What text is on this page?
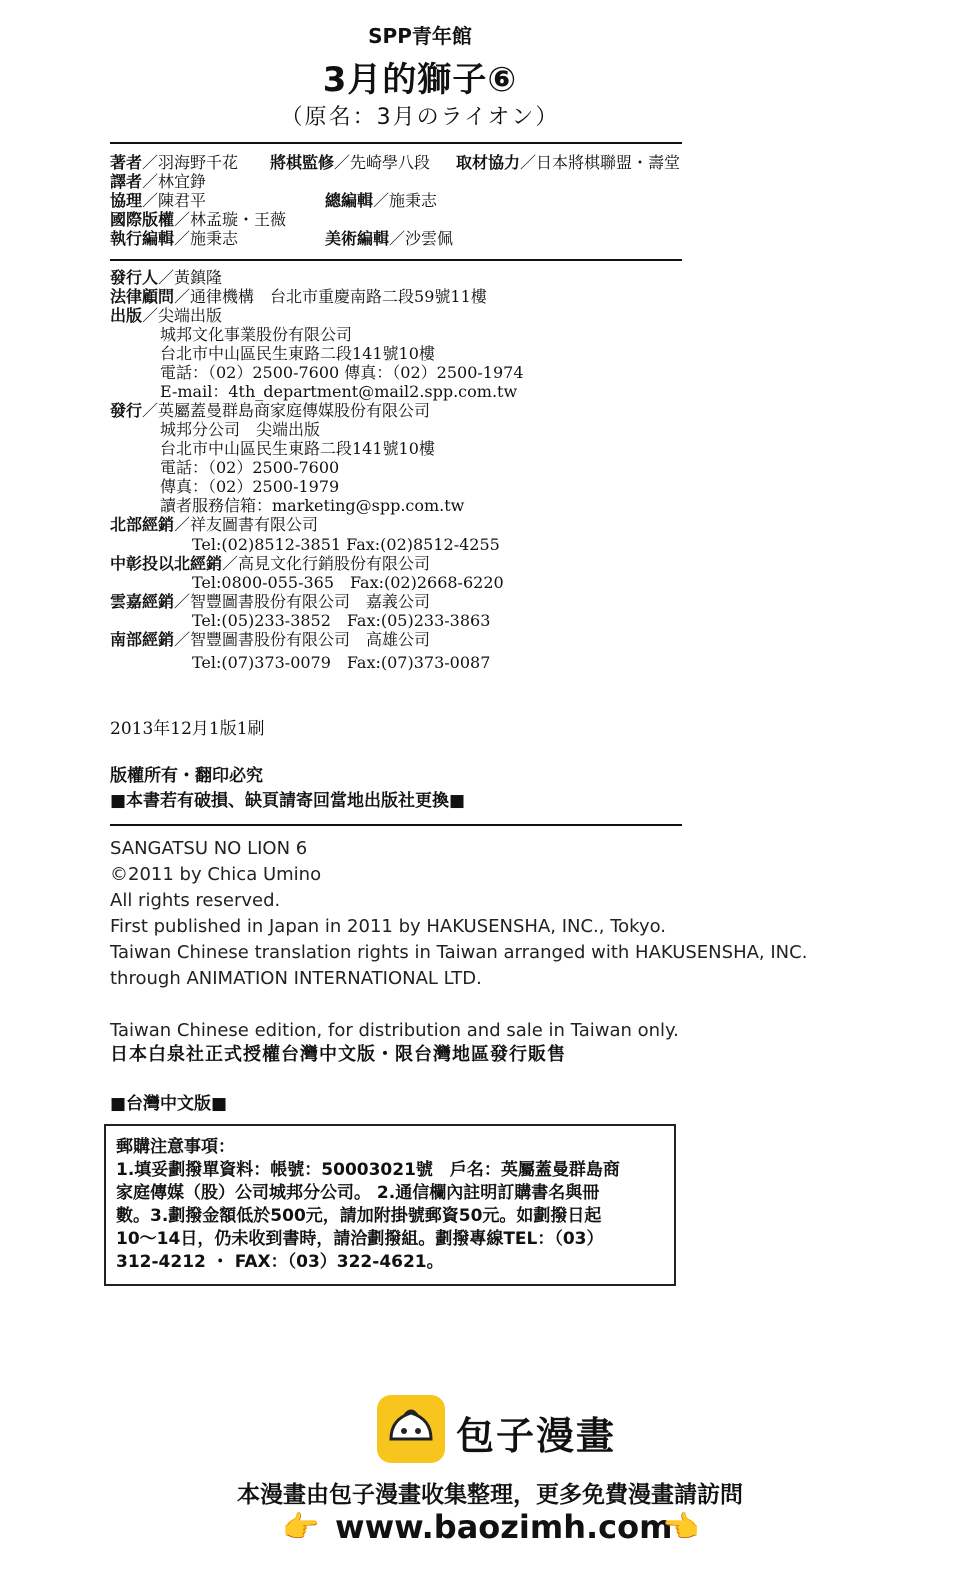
SPP青年館
3月的獅子⑥
（原名：3月のライオン）
著者／羽海野千花 將棋監修／先崎學八段 取材協力／日本將棋聯盟・壽堂
譯者／林宜錚
協理／陳君平	總編輯／施秉志
國際版權／林孟璇・王薇
執行編輯／施秉志	美術編輯／沙雲佩
發行人／黃鎮隆
法律顧問／通律機構　台北市重慶南路二段59號11樓
出版／尖端出版
城邦文化事業股份有限公司
台北市中山區民生東路二段141號10樓
電話：（02）2500-7600 傳真：（02）2500-1974
E-mail：4th_department@mail2.spp.com.tw
發行／英屬蓋曼群島商家庭傳媒股份有限公司
城邦分公司　尖端出版
台北市中山區民生東路二段141號10樓
電話：（02）2500-7600
傳真：（02）2500-1979
讀者服務信箱：marketing@spp.com.tw
北部經銷／祥友圖書有限公司
Tel:(02)8512-3851 Fax:(02)8512-4255
中彰投以北經銷／高見文化行銷股份有限公司
Tel:0800-055-365　Fax:(02)2668-6220
雲嘉經銷／智豐圖書股份有限公司　嘉義公司
Tel:(05)233-3852　Fax:(05)233-3863
南部經銷／智豐圖書股份有限公司　高雄公司
Tel:(07)373-0079　Fax:(07)373-0087
2013年12月1版1刷
版權所有・翻印必究
■本書若有破損、缺頁請寄回當地出版社更換■
SANGATSU NO LION 6
©2011 by Chica Umino
All rights reserved.
First published in Japan in 2011 by HAKUSENSHA, INC., Tokyo.
Taiwan Chinese translation rights in Taiwan arranged with HAKUSENSHA, INC.
through ANIMATION INTERNATIONAL LTD.
Taiwan Chinese edition, for distribution and sale in Taiwan only.
日本白泉社正式授權台灣中文版・限台灣地區發行販售
■台灣中文版■
郵購注意事項：
1.填妥劃撥單資料：帳號：50003021號　戶名：英屬蓋曼群島商
家庭傳媒（股）公司城邦分公司。 2.通信欄內註明訂購書名與冊
數。3.劃撥金額低於500元，請加附掛號郵資50元。如劃撥日起
10～14日，仍未收到書時，請洽劃撥組。劃撥專線TEL：（03）
312-4212 ・ FAX：（03）322-4621。
包子漫畫
本漫畫由包子漫畫收集整理，更多免費漫畫請訪問
👉 www.baozimh.com
👈
